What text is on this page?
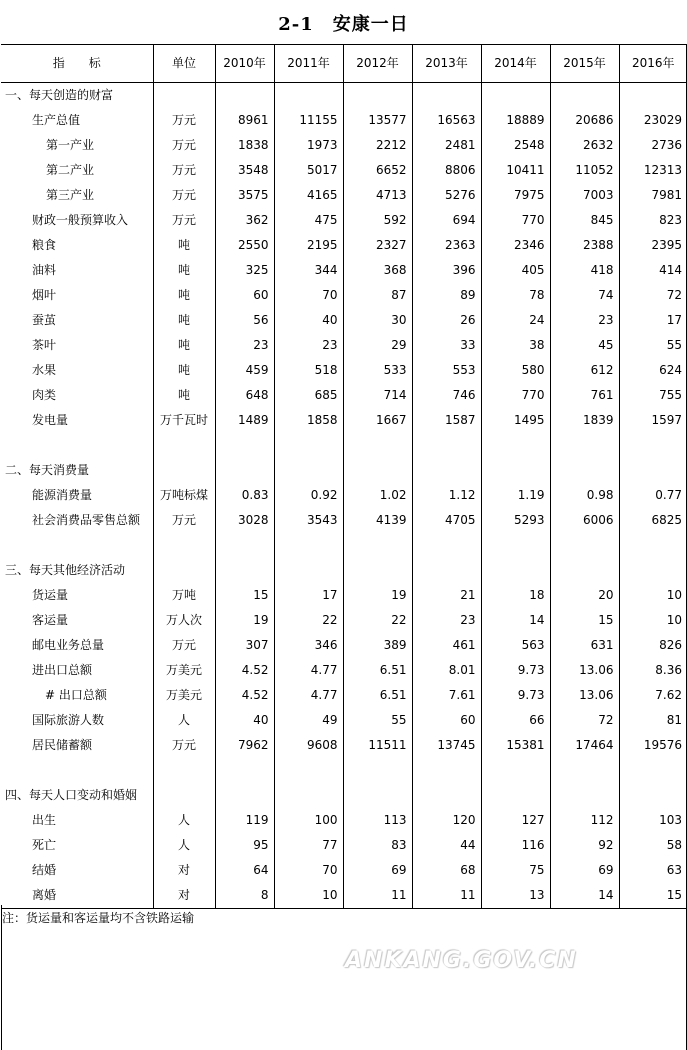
2-1　安康一日
指　　标	单位	2010年	2011年	2012年	2013年	2014年	2015年	2016年
一、每天创造的财富								
生产总值	万元	8961	11155	13577	16563	18889	20686	23029
第一产业	万元	1838	1973	2212	2481	2548	2632	2736
第二产业	万元	3548	5017	6652	8806	10411	11052	12313
第三产业	万元	3575	4165	4713	5276	7975	7003	7981
财政一般预算收入	万元	362	475	592	694	770	845	823
粮食	吨	2550	2195	2327	2363	2346	2388	2395
油料	吨	325	344	368	396	405	418	414
烟叶	吨	60	70	87	89	78	74	72
蚕茧	吨	56	40	30	26	24	23	17
茶叶	吨	23	23	29	33	38	45	55
水果	吨	459	518	533	553	580	612	624
肉类	吨	648	685	714	746	770	761	755
发电量	万千瓦时	1489	1858	1667	1587	1495	1839	1597

二、每天消费量								
能源消费量	万吨标煤	0.83	0.92	1.02	1.12	1.19	0.98	0.77
社会消费品零售总额	万元	3028	3543	4139	4705	5293	6006	6825

三、每天其他经济活动								
货运量	万吨	15	17	19	21	18	20	10
客运量	万人次	19	22	22	23	14	15	10
邮电业务总量	万元	307	346	389	461	563	631	826
进出口总额	万美元	4.52	4.77	6.51	8.01	9.73	13.06	8.36
# 出口总额	万美元	4.52	4.77	6.51	7.61	9.73	13.06	7.62
国际旅游人数	人	40	49	55	60	66	72	81
居民储蓄额	万元	7962	9608	11511	13745	15381	17464	19576

四、每天人口变动和婚姻								
出生	人	119	100	113	120	127	112	103
死亡	人	95	77	83	44	116	92	58
结婚	对	64	70	69	68	75	69	63
离婚	对	8	10	11	11	13	14	15
注：货运量和客运量均不含铁路运输
ANKANG.GOV.CN
